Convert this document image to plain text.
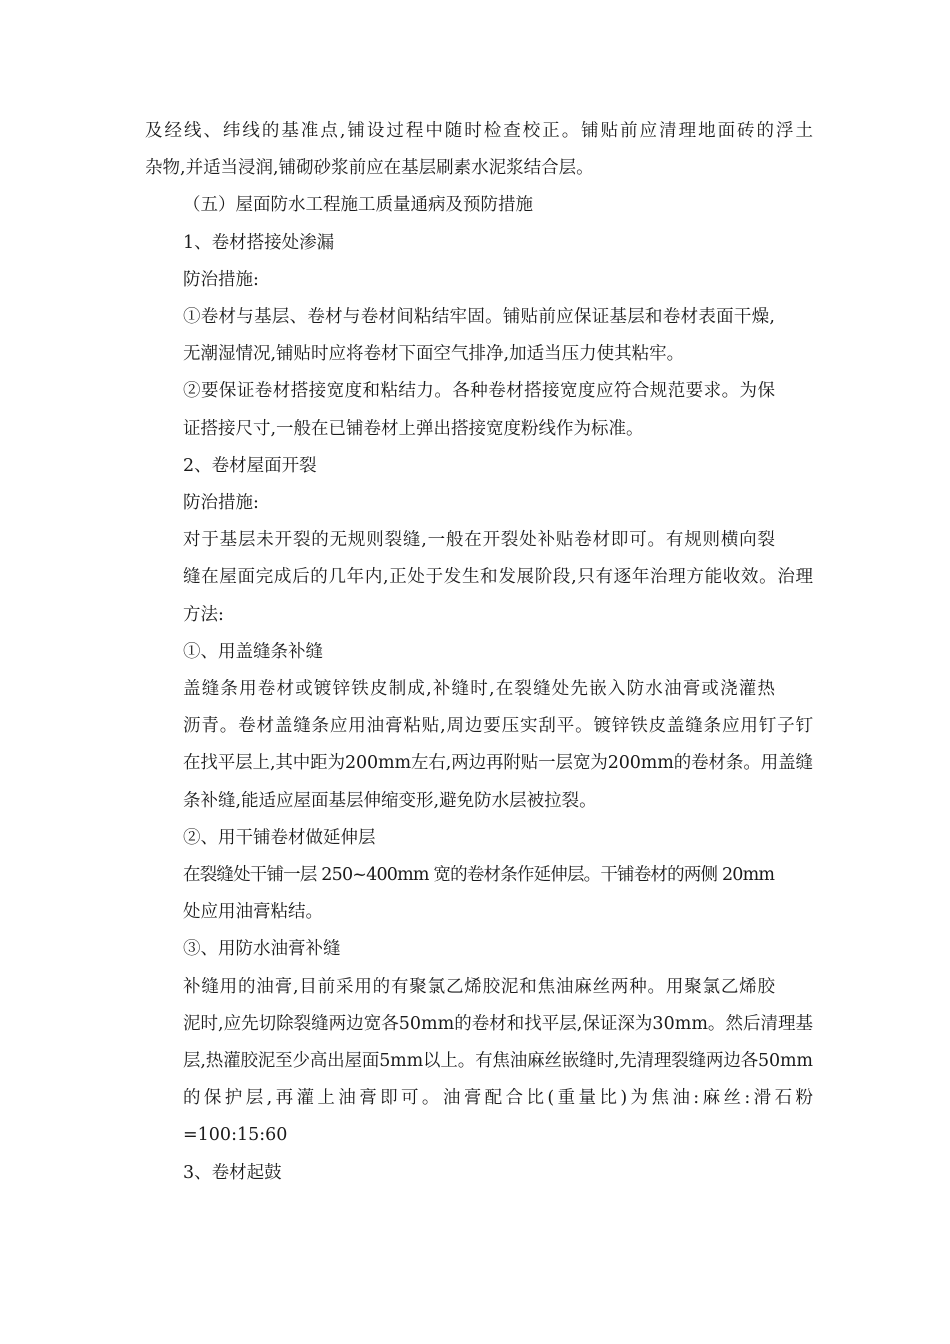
及经线、纬线的基准点,铺设过程中随时检查校正。铺贴前应清理地面砖的浮土
杂物,并适当浸润,铺砌砂浆前应在基层刷素水泥浆结合层。

（五）屋面防水工程施工质量通病及预防措施

1、卷材搭接处渗漏

防治措施:

①卷材与基层、卷材与卷材间粘结牢固。铺贴前应保证基层和卷材表面干燥,
无潮湿情况,铺贴时应将卷材下面空气排净,加适当压力使其粘牢。

②要保证卷材搭接宽度和粘结力。各种卷材搭接宽度应符合规范要求。为保
证搭接尺寸,一般在已铺卷材上弹出搭接宽度粉线作为标准。

2、卷材屋面开裂

防治措施:

对于基层未开裂的无规则裂缝,一般在开裂处补贴卷材即可。有规则横向裂
缝在屋面完成后的几年内,正处于发生和发展阶段,只有逐年治理方能收效。治理
方法:

①、用盖缝条补缝

盖缝条用卷材或镀锌铁皮制成,补缝时,在裂缝处先嵌入防水油膏或浇灌热
沥青。卷材盖缝条应用油膏粘贴,周边要压实刮平。镀锌铁皮盖缝条应用钉子钉
在找平层上,其中距为200mm左右,两边再附贴一层宽为200mm的卷材条。用盖缝
条补缝,能适应屋面基层伸缩变形,避免防水层被拉裂。

②、用干铺卷材做延伸层

在裂缝处干铺一层 250~400mm 宽的卷材条作延伸层。干铺卷材的两侧 20mm
处应用油膏粘结。

③、用防水油膏补缝

补缝用的油膏,目前采用的有聚氯乙烯胶泥和焦油麻丝两种。用聚氯乙烯胶
泥时,应先切除裂缝两边宽各50mm的卷材和找平层,保证深为30mm。然后清理基
层,热灌胶泥至少高出屋面5mm以上。有焦油麻丝嵌缝时,先清理裂缝两边各50mm
的保护层,再灌上油膏即可。油膏配合比(重量比)为焦油:麻丝:滑石粉
=100:15:60

3、卷材起鼓
